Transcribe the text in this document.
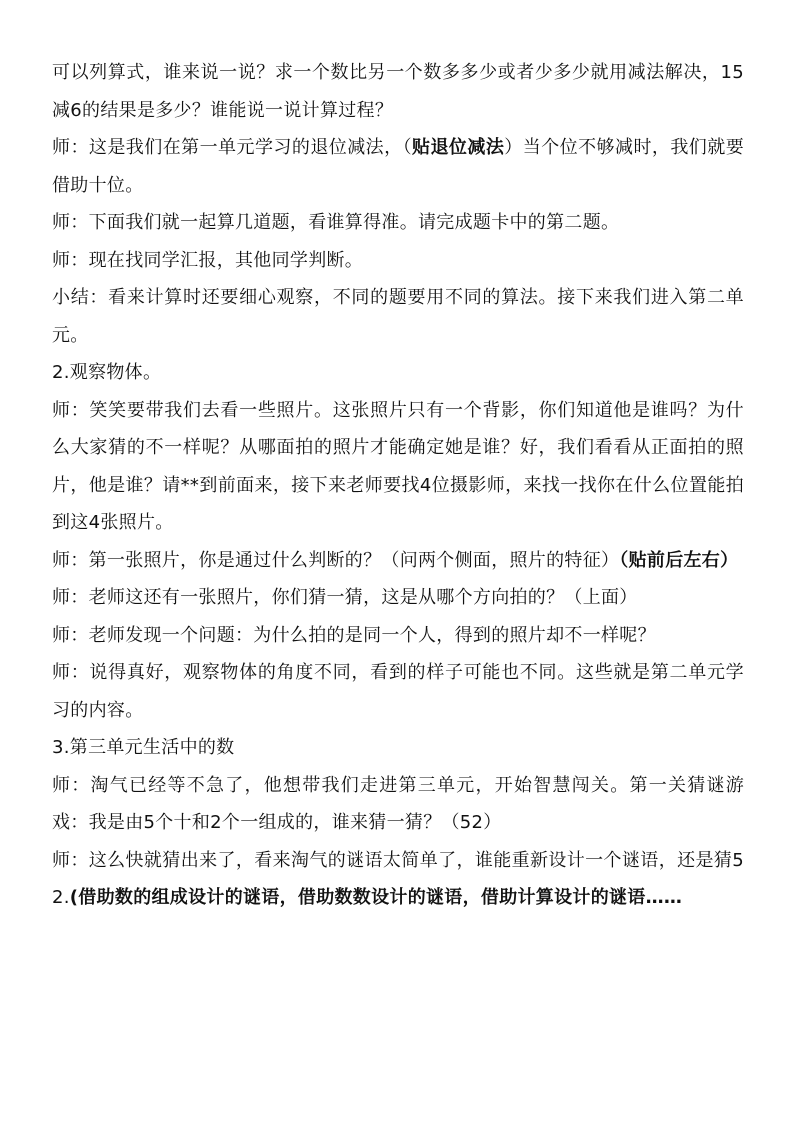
可以列算式，谁来说一说？求一个数比另一个数多多少或者少多少就用减法解决，15减6的结果是多少？谁能说一说计算过程？

师：这是我们在第一单元学习的退位减法，（贴退位减法）当个位不够减时，我们就要借助十位。

师：下面我们就一起算几道题，看谁算得准。请完成题卡中的第二题。

师：现在找同学汇报，其他同学判断。

小结：看来计算时还要细心观察，不同的题要用不同的算法。接下来我们进入第二单元。

2.观察物体。

师：笑笑要带我们去看一些照片。这张照片只有一个背影，你们知道他是谁吗？为什么大家猜的不一样呢？从哪面拍的照片才能确定她是谁？好，我们看看从正面拍的照片，他是谁？请**到前面来，接下来老师要找4位摄影师，来找一找你在什么位置能拍到这4张照片。

师：第一张照片，你是通过什么判断的？（问两个侧面，照片的特征）（贴前后左右）

师：老师这还有一张照片，你们猜一猜，这是从哪个方向拍的？（上面）

师：老师发现一个问题：为什么拍的是同一个人，得到的照片却不一样呢？

师：说得真好，观察物体的角度不同，看到的样子可能也不同。这些就是第二单元学习的内容。

3.第三单元生活中的数

师：淘气已经等不急了，他想带我们走进第三单元，开始智慧闯关。第一关猜谜游戏：我是由5个十和2个一组成的，谁来猜一猜？（52）

师：这么快就猜出来了，看来淘气的谜语太简单了，谁能重新设计一个谜语，还是猜52.(借助数的组成设计的谜语，借助数数设计的谜语，借助计算设计的谜语……
